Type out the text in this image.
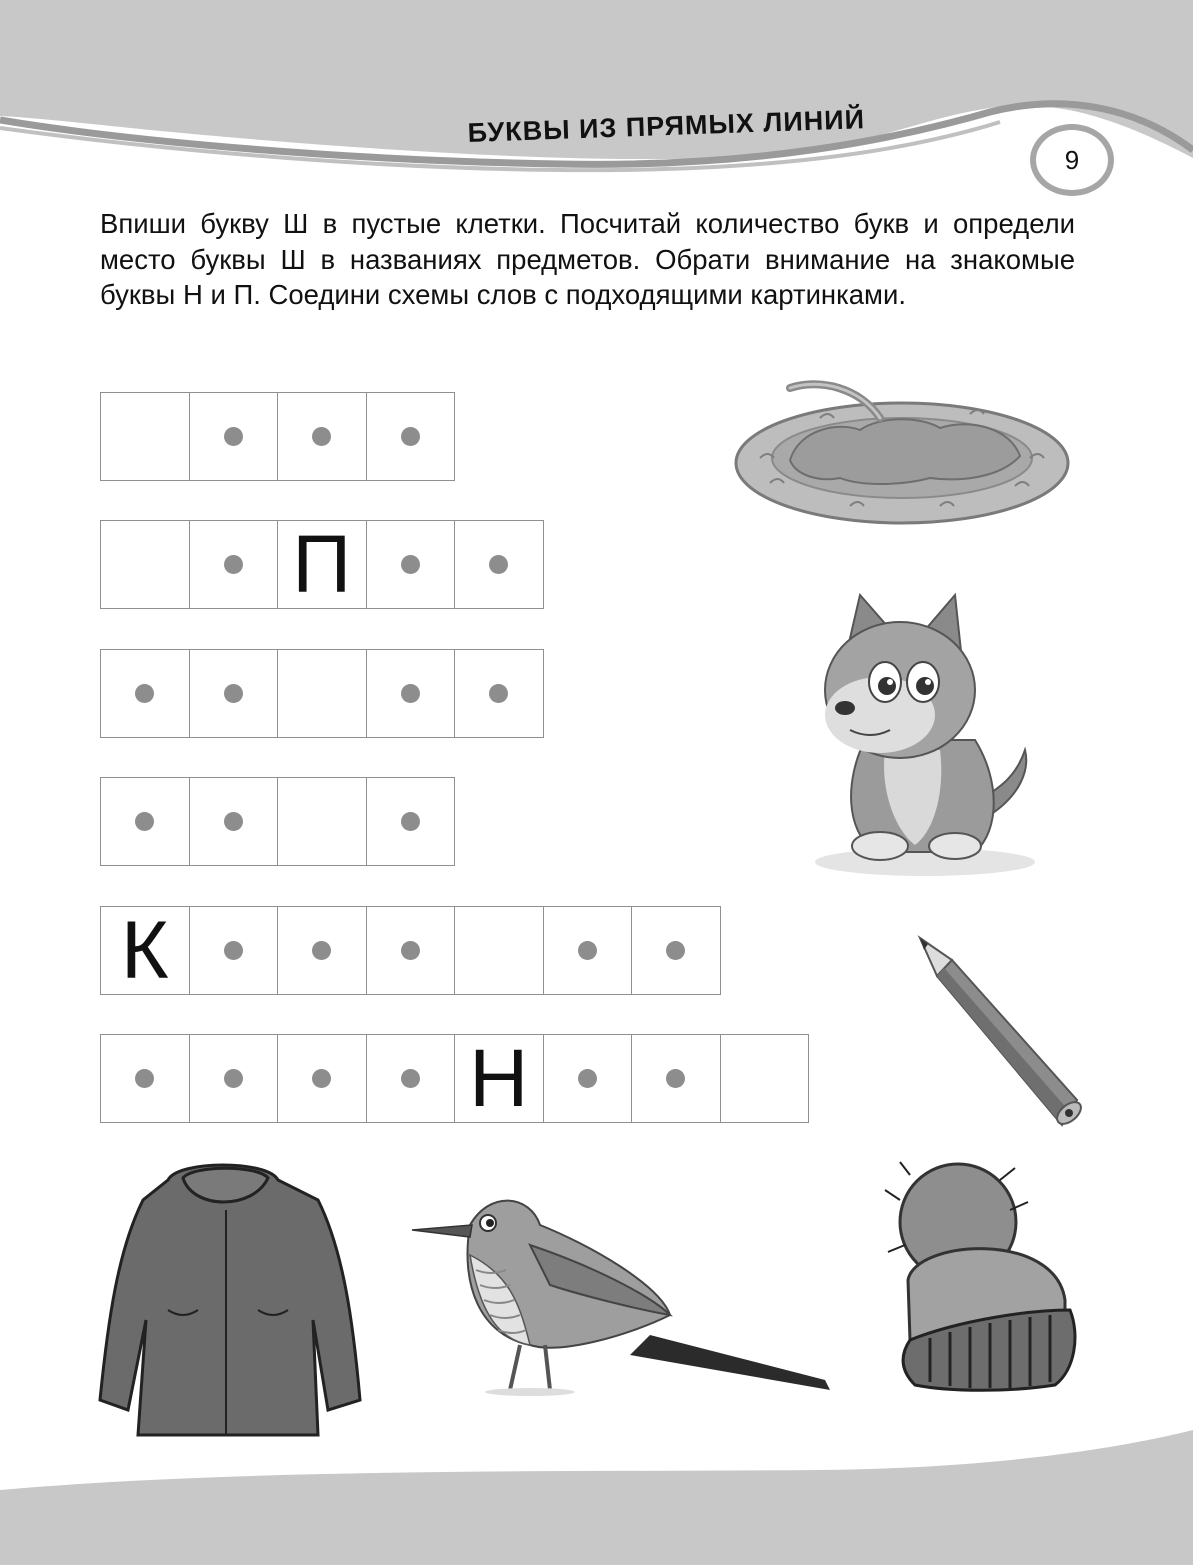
БУКВЫ ИЗ ПРЯМЫХ ЛИНИЙ
9

Впиши букву Ш в пустые клетки. Посчитай количество букв и определи место буквы Ш в названиях предметов. Обрати внимание на знакомые буквы Н и П. Соедини схемы слов с подходящими картинками.

П
К
Н
